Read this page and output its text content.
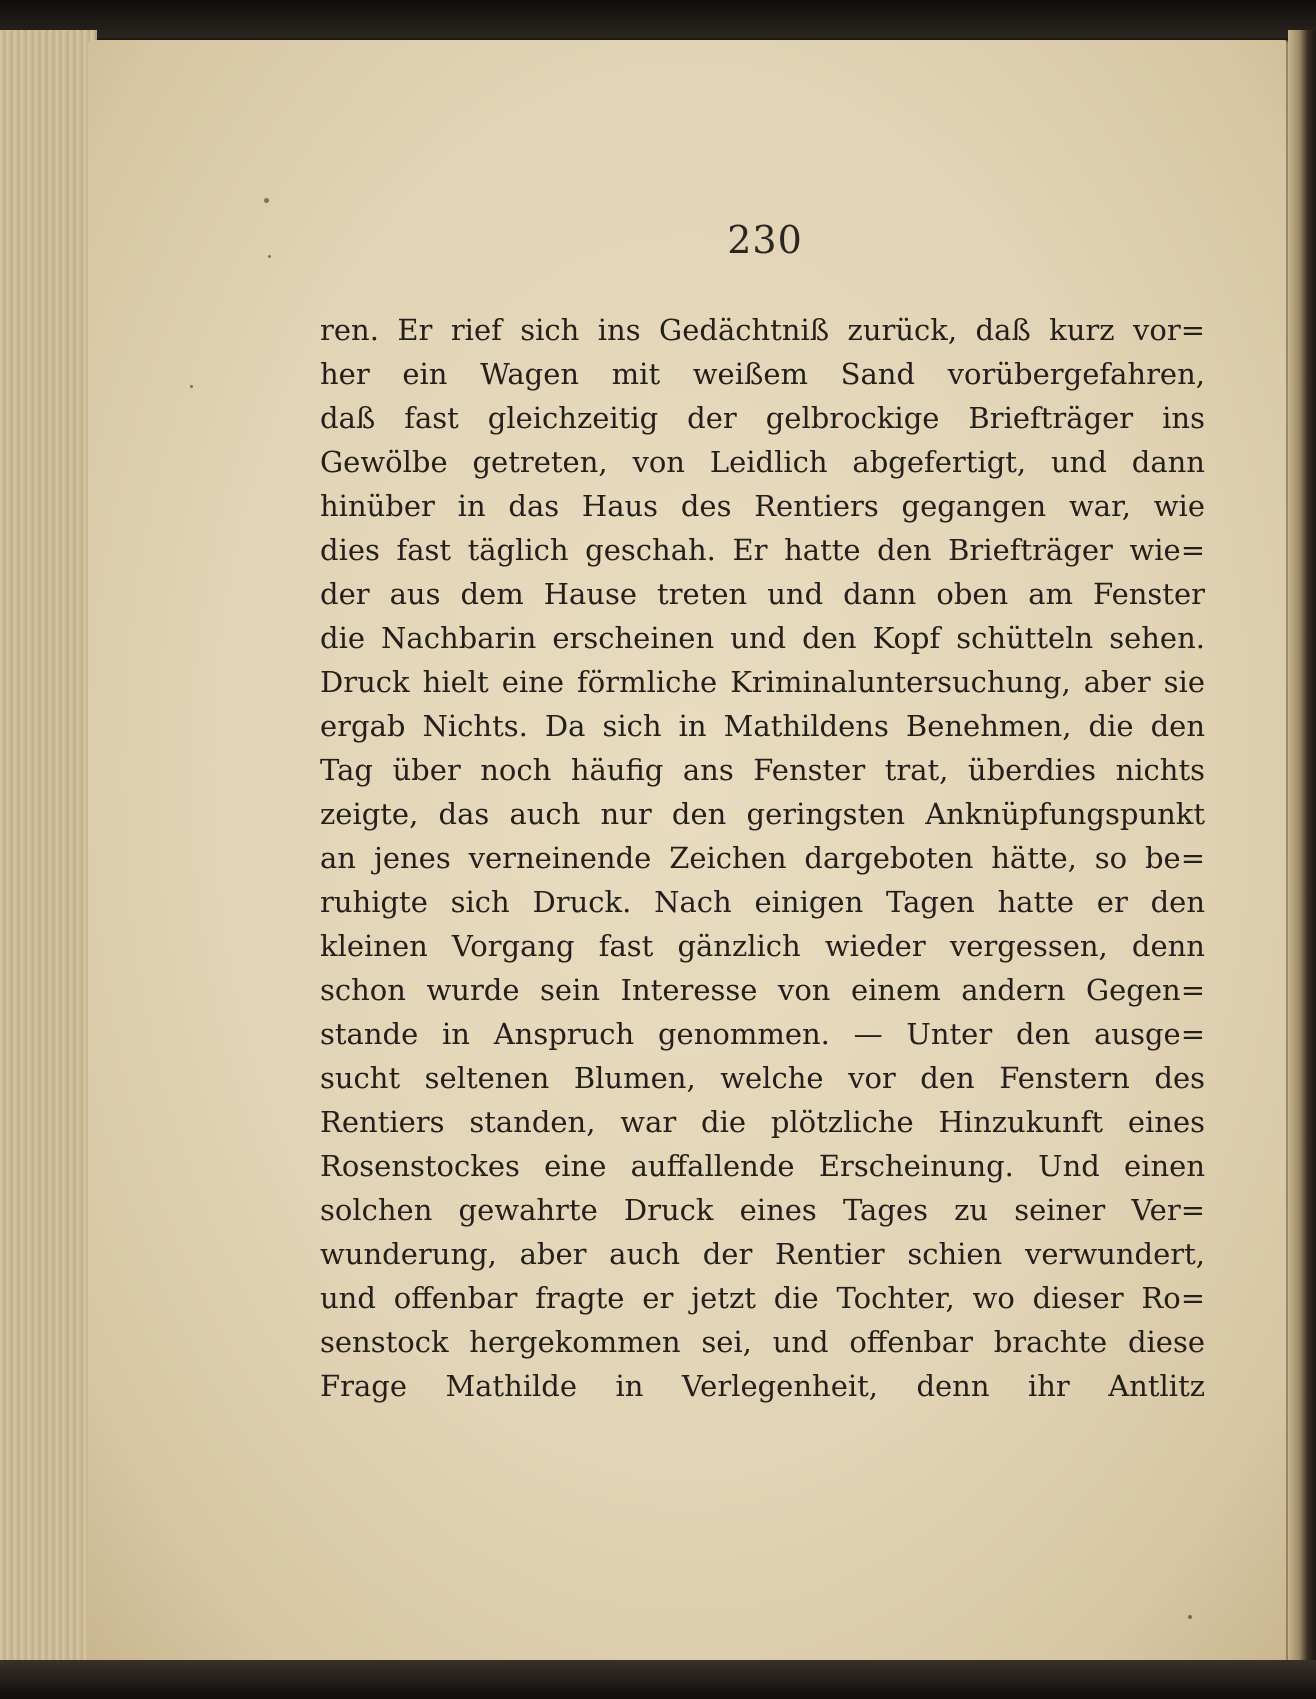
230
ren. Er rief sich ins Gedächtniß zurück, daß kurz vor=
her ein Wagen mit weißem Sand vorübergefahren,
daß fast gleichzeitig der gelbrockige Briefträger ins
Gewölbe getreten, von Leidlich abgefertigt, und dann
hinüber in das Haus des Rentiers gegangen war, wie
dies fast täglich geschah. Er hatte den Briefträger wie=
der aus dem Hause treten und dann oben am Fenster
die Nachbarin erscheinen und den Kopf schütteln sehen.
Druck hielt eine förmliche Kriminaluntersuchung, aber sie
ergab Nichts. Da sich in Mathildens Benehmen, die den
Tag über noch häufig ans Fenster trat, überdies nichts
zeigte, das auch nur den geringsten Anknüpfungspunkt
an jenes verneinende Zeichen dargeboten hätte, so be=
ruhigte sich Druck. Nach einigen Tagen hatte er den
kleinen Vorgang fast gänzlich wieder vergessen, denn
schon wurde sein Interesse von einem andern Gegen=
stande in Anspruch genommen. — Unter den ausge=
sucht seltenen Blumen, welche vor den Fenstern des
Rentiers standen, war die plötzliche Hinzukunft eines
Rosenstockes eine auffallende Erscheinung. Und einen
solchen gewahrte Druck eines Tages zu seiner Ver=
wunderung, aber auch der Rentier schien verwundert,
und offenbar fragte er jetzt die Tochter, wo dieser Ro=
senstock hergekommen sei, und offenbar brachte diese
Frage Mathilde in Verlegenheit, denn ihr Antlitz
